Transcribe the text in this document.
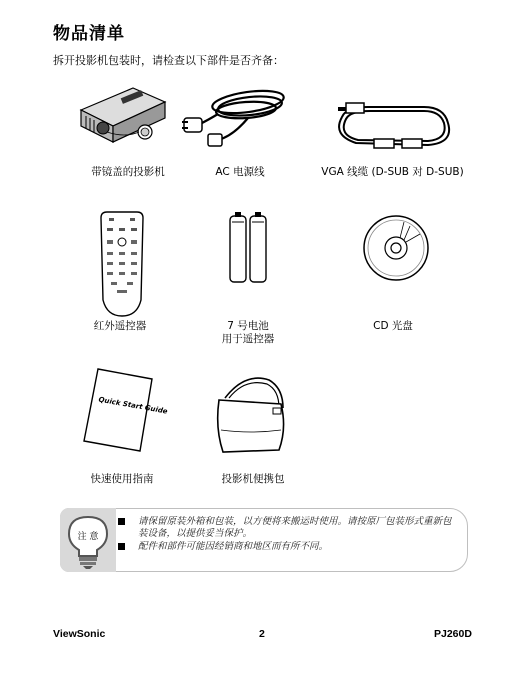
物品清单
拆开投影机包装时，请检查以下部件是否齐备：
带镜盖的投影机	AC 电源线	VGA 线缆 (D-SUB 对 D-SUB)
红外遥控器	7 号电池
用于遥控器
CD 光盘
Quick Start Guide
快速使用指南	投影机便携包
注 意
请保留原装外箱和包装，以方便将来搬运时使用。请按原厂包装形式重新包装设备，以提供妥当保护。
配件和部件可能因经销商和地区而有所不同。
ViewSonic	2	PJ260D
